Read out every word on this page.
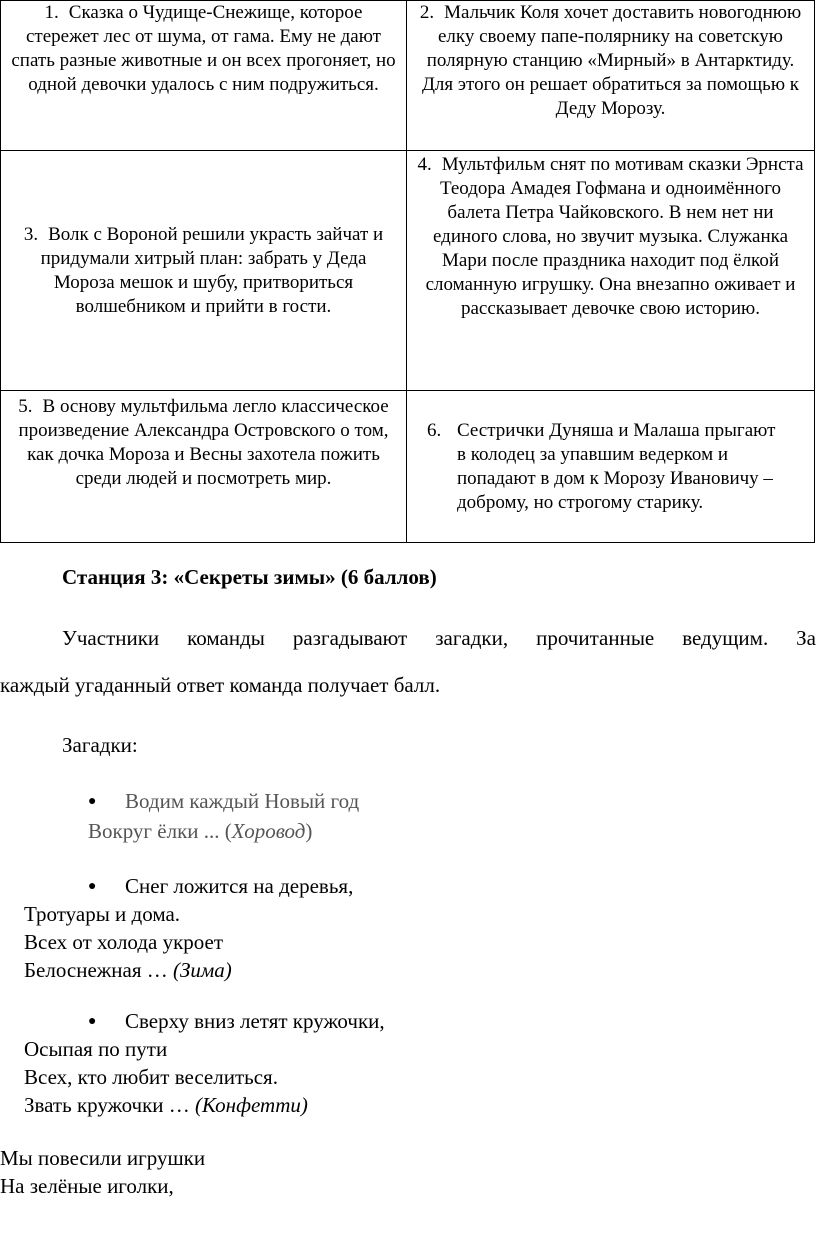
1. Сказка о Чудище-Снежище, которое стережет лес от шума, от гама. Ему не дают спать разные животные и он всех прогоняет, но одной девочки удалось с ним подружиться.	2. Мальчик Коля хочет доставить новогоднюю елку своему папе-полярнику на советскую полярную станцию «Мирный» в Антарктиду. Для этого он решает обратиться за помощью к Деду Морозу.
3. Волк с Вороной решили украсть зайчат и придумали хитрый план: забрать у Деда Мороза мешок и шубу, притвориться волшебником и прийти в гости.	4. Мультфильм снят по мотивам сказки Эрнста Теодора Амадея Гофмана и одноимённого балета Петра Чайковского. В нем нет ни единого слова, но звучит музыка. Служанка Мари после праздника находит под ёлкой сломанную игрушку. Она внезапно оживает и рассказывает девочке свою историю.
5. В основу мультфильма легло классическое произведение Александра Островского о том, как дочка Мороза и Весны захотела пожить среди людей и посмотреть мир.	6. Сестрички Дуняша и Малаша прыгают в колодец за упавшим ведерком и попадают в дом к Морозу Ивановичу – доброму, но строгому старику.
Станция 3: «Секреты зимы» (6 баллов)
Участники команды разгадывают загадки, прочитанные ведущим. За
каждый угаданный ответ команда получает балл.
Загадки:
● Водим каждый Новый год
Вокруг ёлки ... (Хоровод)
● Снег ложится на деревья,
Тротуары и дома.
Всех от холода укроет
Белоснежная … (Зима)
● Сверху вниз летят кружочки,
Осыпая по пути
Всех, кто любит веселиться.
Звать кружочки … (Конфетти)
Мы повесили игрушки
На зелёные иголки,
